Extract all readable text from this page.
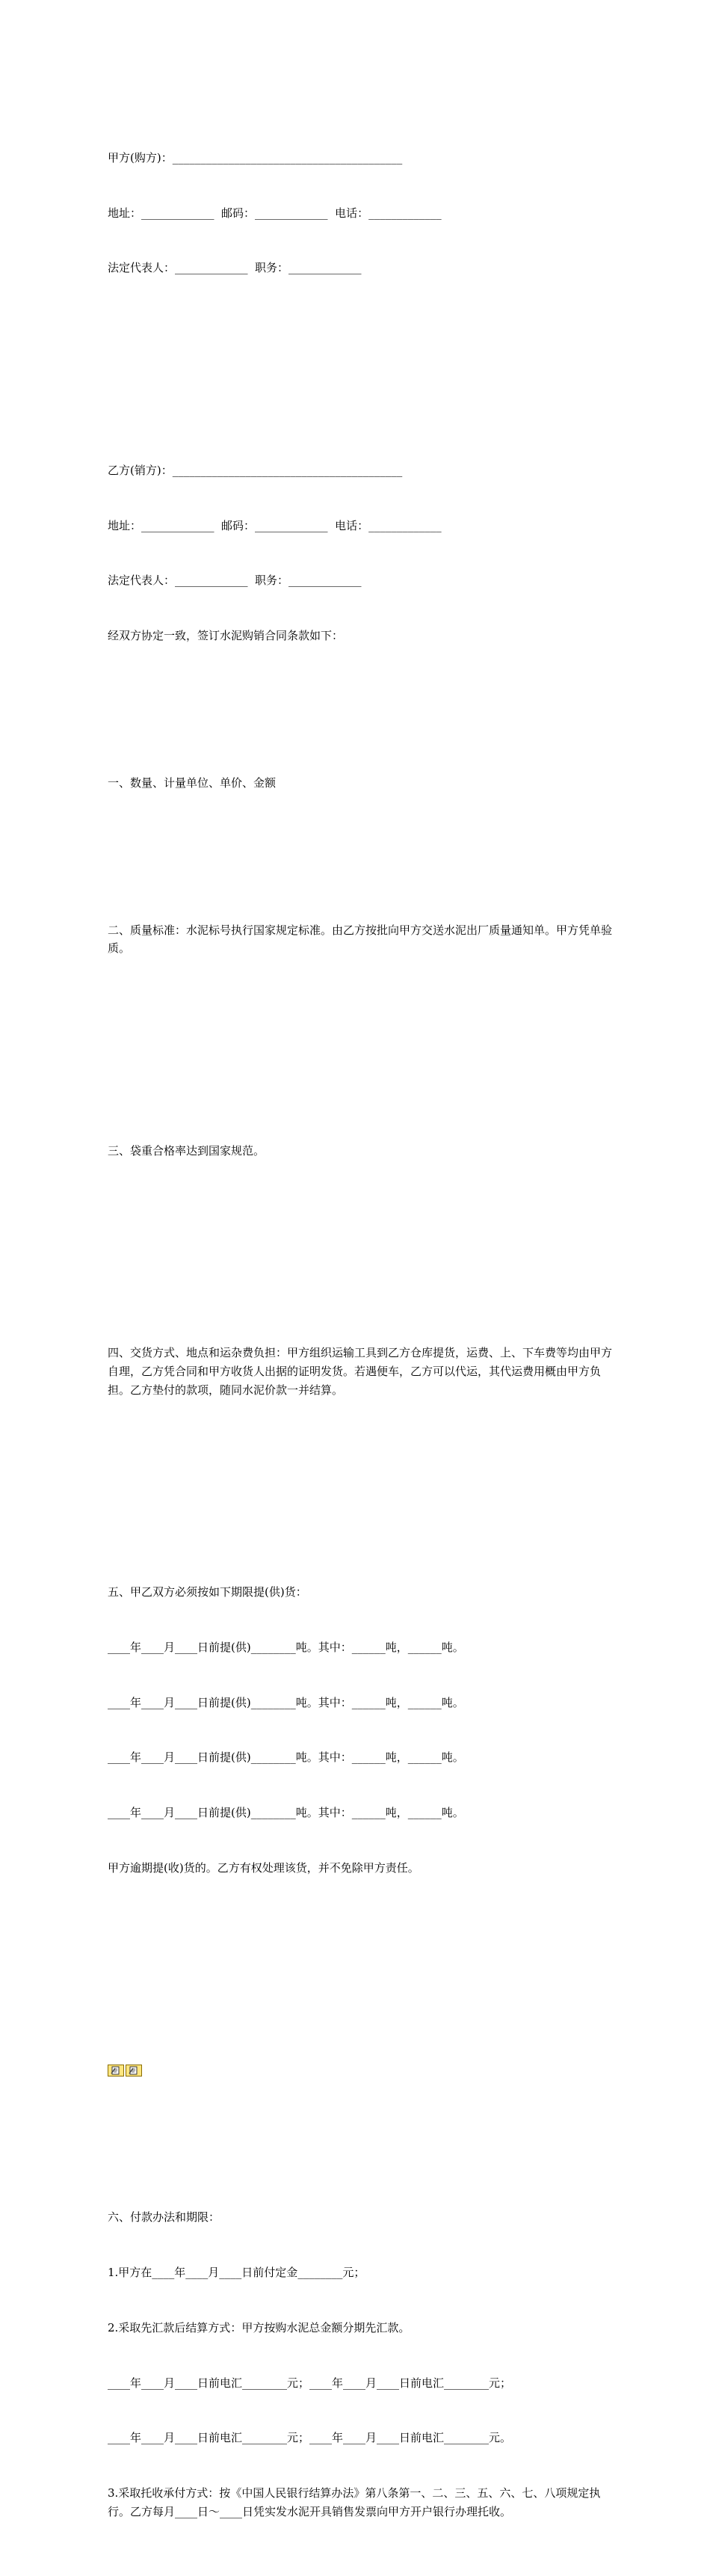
甲方(购方)：_________________________________________

地址：_____________  邮码：_____________  电话：_____________

法定代表人：_____________  职务：_____________

乙方(销方)：_________________________________________

地址：_____________  邮码：_____________  电话：_____________

法定代表人：_____________  职务：_____________

经双方协定一致，签订水泥购销合同条款如下：

一、数量、计量单位、单价、金额

二、质量标准：水泥标号执行国家规定标准。由乙方按批向甲方交送水泥出厂质量通知单。甲方凭单验质。

三、袋重合格率达到国家规范。

四、交货方式、地点和运杂费负担：甲方组织运输工具到乙方仓库提货，运费、上、下车费等均由甲方自理，乙方凭合同和甲方收货人出据的证明发货。若遇便车，乙方可以代运，其代运费用概由甲方负担。乙方垫付的款项，随同水泥价款一并结算。

五、甲乙双方必须按如下期限提(供)货：

____年____月____日前提(供)________吨。其中：______吨，______吨。

____年____月____日前提(供)________吨。其中：______吨，______吨。

____年____月____日前提(供)________吨。其中：______吨，______吨。

____年____月____日前提(供)________吨。其中：______吨，______吨。

甲方逾期提(收)货的。乙方有权处理该货，并不免除甲方责任。

六、付款办法和期限：

1.甲方在____年____月____日前付定金________元；

2.采取先汇款后结算方式：甲方按购水泥总金额分期先汇款。

____年____月____日前电汇________元；____年____月____日前电汇________元；

____年____月____日前电汇________元；____年____月____日前电汇________元。

3.采取托收承付方式：按《中国人民银行结算办法》第八条第一、二、三、五、六、七、八项规定执行。乙方每月____日～____日凭实发水泥开具销售发票向甲方开户银行办理托收。
